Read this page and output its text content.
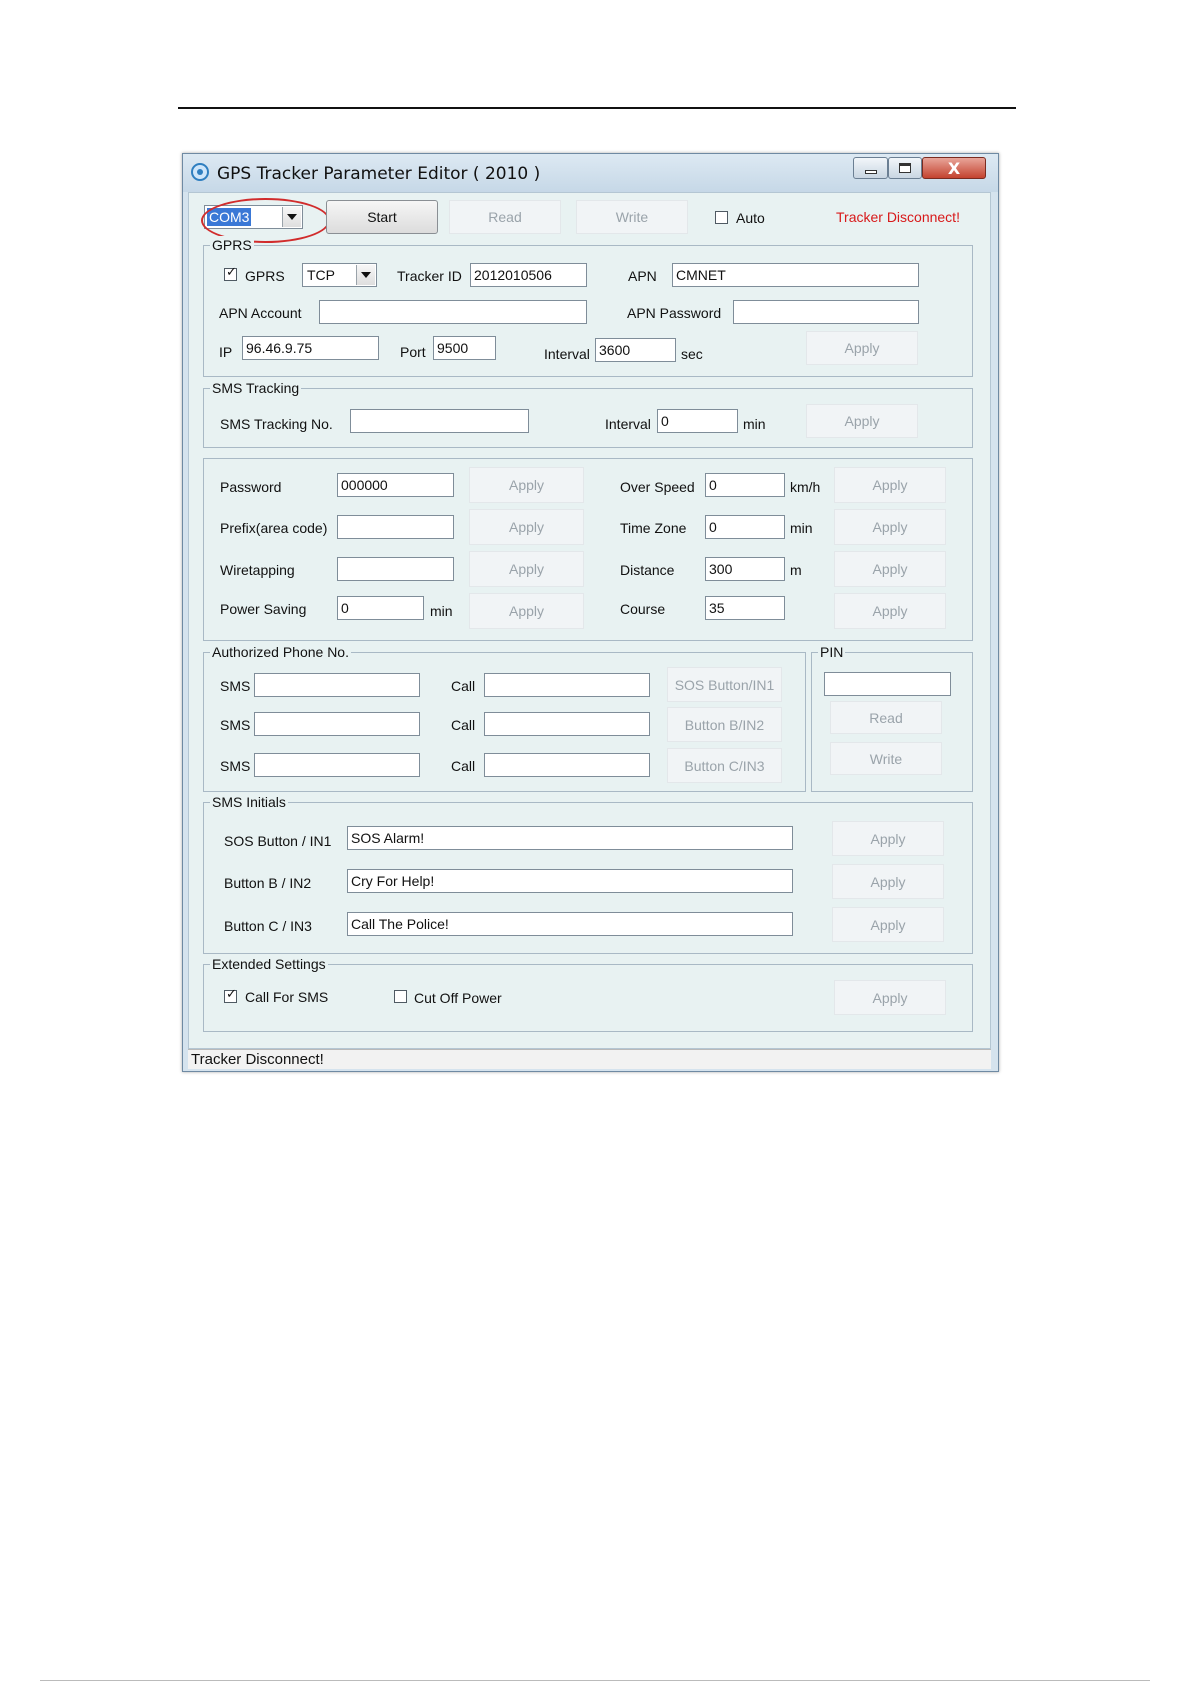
GPS Tracker Parameter Editor ( 2010 )	X
COM3	Start	Read	Write	Auto	Tracker Disconnect!
GPRS
✓ GPRS TCP	Tracker ID 2012010506	APN CMNET
APN Account	APN Password
IP 96.46.9.75	Port 9500	Interval 3600	sec	Apply
SMS Tracking
SMS Tracking No.	Interval 0	min	Apply
Password	000000	Apply	Over Speed 0	km/h	Apply
Prefix(area code)	Apply	Time Zone 0	min	Apply
Wiretapping	Apply	Distance 300	m	Apply
Power Saving 0	min	Apply	Course	35	Apply
Authorized Phone No.
SMS	Call	SOS Button/IN1
SMS	Call	Button B/IN2
SMS	Call	Button C/IN3
PIN
Read
Write
SMS Initials
SOS Button / IN1 SOS Alarm!	Apply
Button B / IN2	Cry For Help!	Apply
Button C / IN3	Call The Police!	Apply
Extended Settings
✓ Call For SMS	Cut Off Power	Apply
Tracker Disconnect!
